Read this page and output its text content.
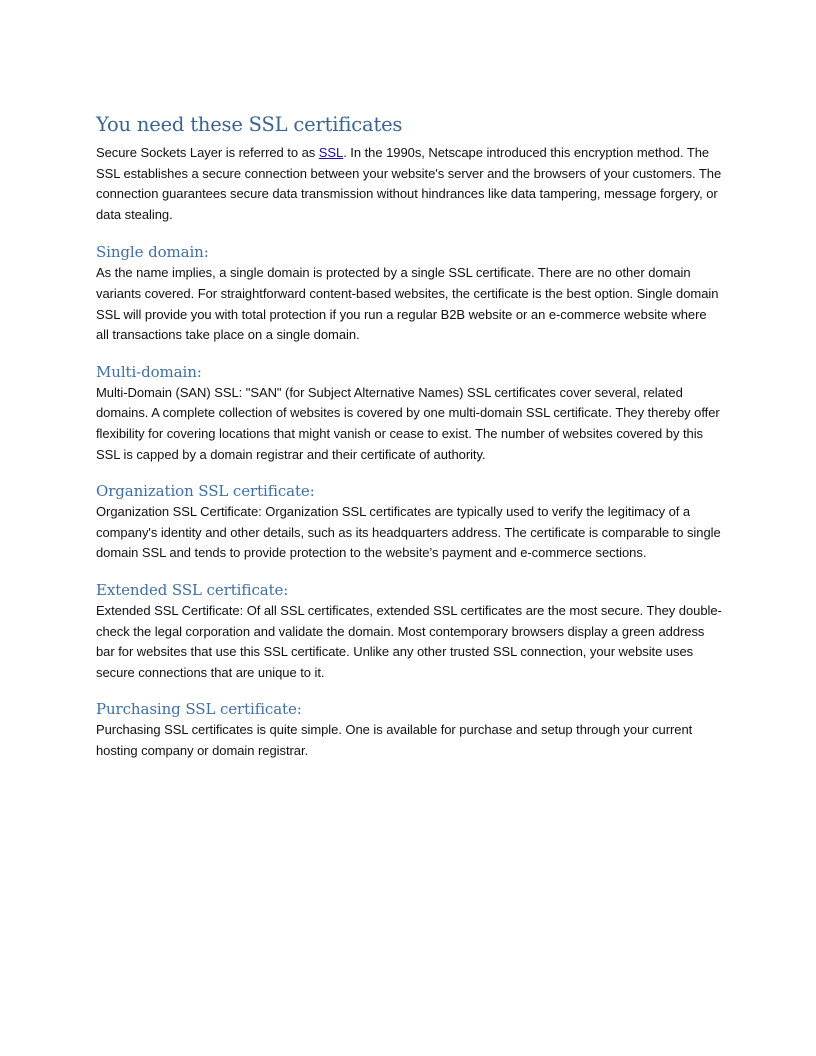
You need these SSL certificates

Secure Sockets Layer is referred to as SSL. In the 1990s, Netscape introduced this encryption method. The SSL establishes a secure connection between your website's server and the browsers of your customers. The connection guarantees secure data transmission without hindrances like data tampering, message forgery, or data stealing.

Single domain:

As the name implies, a single domain is protected by a single SSL certificate. There are no other domain variants covered. For straightforward content-based websites, the certificate is the best option. Single domain SSL will provide you with total protection if you run a regular B2B website or an e-commerce website where all transactions take place on a single domain.

Multi-domain:

Multi-Domain (SAN) SSL: "SAN" (for Subject Alternative Names) SSL certificates cover several, related domains. A complete collection of websites is covered by one multi-domain SSL certificate. They thereby offer flexibility for covering locations that might vanish or cease to exist. The number of websites covered by this SSL is capped by a domain registrar and their certificate of authority.

Organization SSL certificate:

Organization SSL Certificate: Organization SSL certificates are typically used to verify the legitimacy of a company's identity and other details, such as its headquarters address. The certificate is comparable to single domain SSL and tends to provide protection to the website’s payment and e-commerce sections.

Extended SSL certificate:

Extended SSL Certificate: Of all SSL certificates, extended SSL certificates are the most secure. They double-check the legal corporation and validate the domain. Most contemporary browsers display a green address bar for websites that use this SSL certificate. Unlike any other trusted SSL connection, your website uses secure connections that are unique to it.

Purchasing SSL certificate:

Purchasing SSL certificates is quite simple. One is available for purchase and setup through your current hosting company or domain registrar.
